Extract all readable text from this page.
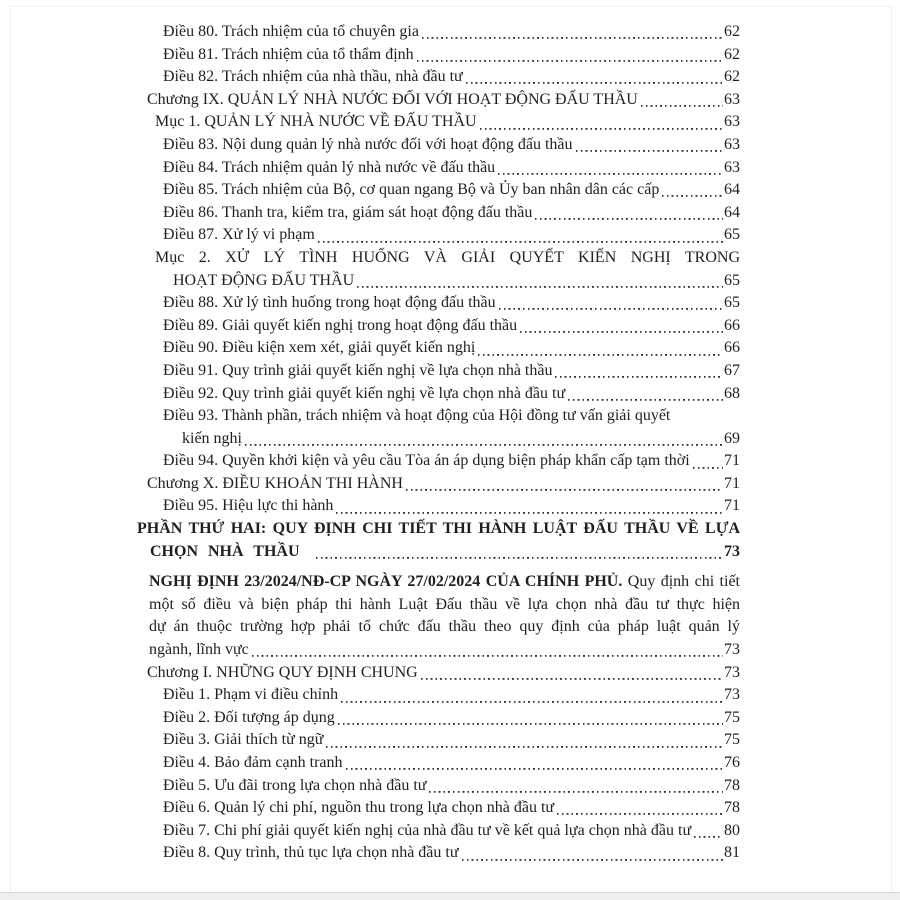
Điều 80. Trách nhiệm của tổ chuyên gia	62
Điều 81. Trách nhiệm của tổ thẩm định	62
Điều 82. Trách nhiệm của nhà thầu, nhà đầu tư	62
Chương IX. QUẢN LÝ NHÀ NƯỚC ĐỐI VỚI HOẠT ĐỘNG ĐẤU THẦU	63
Mục 1. QUẢN LÝ NHÀ NƯỚC VỀ ĐẤU THẦU	63
Điều 83. Nội dung quản lý nhà nước đối với hoạt động đấu thầu	63
Điều 84. Trách nhiệm quản lý nhà nước về đấu thầu	63
Điều 85. Trách nhiệm của Bộ, cơ quan ngang Bộ và Ủy ban nhân dân các cấp	64
Điều 86. Thanh tra, kiểm tra, giám sát hoạt động đấu thầu	64
Điều 87. Xử lý vi phạm	65
Mục 2. XỬ LÝ TÌNH HUỐNG VÀ GIẢI QUYẾT KIẾN NGHỊ TRONG
HOẠT ĐỘNG ĐẤU THẦU	65
Điều 88. Xử lý tình huống trong hoạt động đấu thầu	65
Điều 89. Giải quyết kiến nghị trong hoạt động đấu thầu	66
Điều 90. Điều kiện xem xét, giải quyết kiến nghị	66
Điều 91. Quy trình giải quyết kiến nghị về lựa chọn nhà thầu	67
Điều 92. Quy trình giải quyết kiến nghị về lựa chọn nhà đầu tư	68
Điều 93. Thành phần, trách nhiệm và hoạt động của Hội đồng tư vấn giải quyết
kiến nghị	69
Điều 94. Quyền khởi kiện và yêu cầu Tòa án áp dụng biện pháp khẩn cấp tạm thời 71
Chương X. ĐIỀU KHOẢN THI HÀNH	71
Điều 95. Hiệu lực thi hành	71
PHẦN THỨ HAI: QUY ĐỊNH CHI TIẾT THI HÀNH LUẬT ĐẤU THẦU VỀ LỰA
CHỌN NHÀ THẦU	73
NGHỊ ĐỊNH 23/2024/NĐ-CP NGÀY 27/02/2024 CỦA CHÍNH PHỦ. Quy định chi tiết
một số điều và biện pháp thi hành Luật Đấu thầu về lựa chọn nhà đầu tư thực hiện
dự án thuộc trường hợp phải tổ chức đấu thầu theo quy định của pháp luật quản lý
ngành, lĩnh vực	73
Chương I. NHỮNG QUY ĐỊNH CHUNG	73
Điều 1. Phạm vi điều chỉnh	73
Điều 2. Đối tượng áp dụng	75
Điều 3. Giải thích từ ngữ	75
Điều 4. Bảo đảm cạnh tranh	76
Điều 5. Ưu đãi trong lựa chọn nhà đầu tư	78
Điều 6. Quản lý chi phí, nguồn thu trong lựa chọn nhà đầu tư	78
Điều 7. Chi phí giải quyết kiến nghị của nhà đầu tư về kết quả lựa chọn nhà đầu tư 80
Điều 8. Quy trình, thủ tục lựa chọn nhà đầu tư	81
